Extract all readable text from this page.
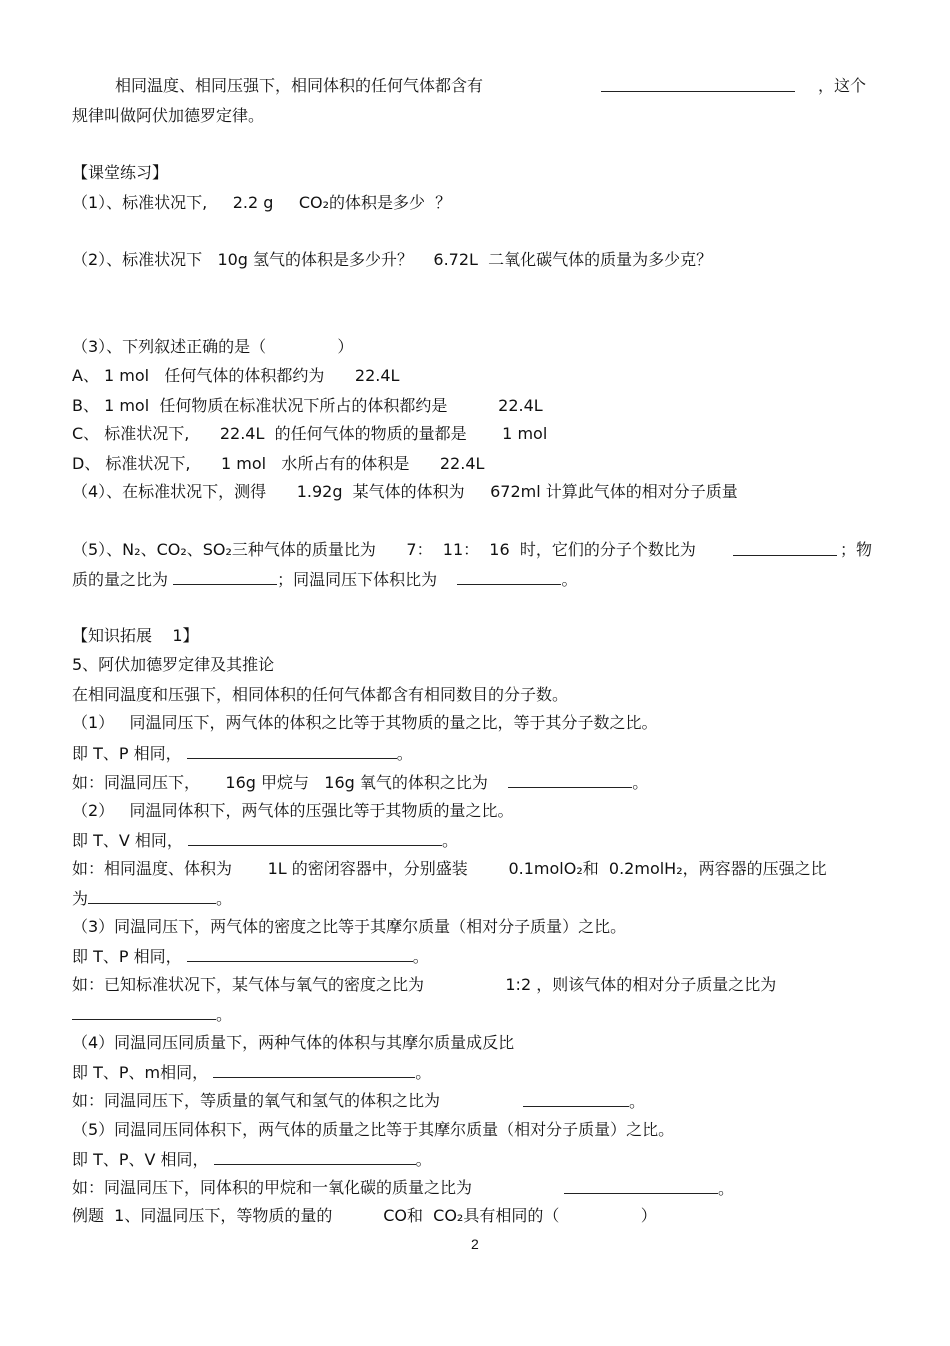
相同温度、相同压强下，相同体积的任何气体都含有	，这个
规律叫做阿伏加德罗定律。
【课堂练习】
（1）、标准状况下,     2.2 g     CO₂的体积是多少  ？
（2）、标准状况下   10g 氢气的体积是多少升？    6.72L  二氧化碳气体的质量为多少克？
（3）、下列叙述正确的是（              ）
A、 1 mol   任何气体的体积都约为      22.4L
B、 1 mol  任何物质在标准状况下所占的体积都约是          22.4L
C、 标准状况下,      22.4L  的任何气体的物质的量都是       1 mol
D、 标准状况下,      1 mol   水所占有的体积是      22.4L
（4）、在标准状况下，测得      1.92g  某气体的体积为     672ml 计算此气体的相对分子质量
（5）、N₂、CO₂、SO₂三种气体的质量比为      7：  11：  16  时，它们的分子个数比为	；物
质的量之比为	；同温同压下体积比为	。
【知识拓展    1】
5、阿伏加德罗定律及其推论
在相同温度和压强下，相同体积的任何气体都含有相同数目的分子数。
（1）   同温同压下，两气体的体积之比等于其物质的量之比，等于其分子数之比。
即 T、P 相同，	。
如：同温同压下，     16g 甲烷与   16g 氧气的体积之比为	。
（2）   同温同体积下，两气体的压强比等于其物质的量之比。
即 T、V 相同，	。
如：相同温度、体积为       1L 的密闭容器中，分别盛装        0.1molO₂和  0.2molH₂，两容器的压强之比
为	。
（3）同温同压下，两气体的密度之比等于其摩尔质量（相对分子质量）之比。
即 T、P 相同，	。
如：已知标准状况下，某气体与氧气的密度之比为                1:2 ，则该气体的相对分子质量之比为
。
（4）同温同压同质量下，两种气体的体积与其摩尔质量成反比
即 T、P、m相同，	。
如：同温同压下，等质量的氧气和氢气的体积之比为	。
（5）同温同压同体积下，两气体的质量之比等于其摩尔质量（相对分子质量）之比。
即 T、P、V 相同，	。
如：同温同压下，同体积的甲烷和一氧化碳的质量之比为	。
例题  1、同温同压下，等物质的量的          CO和  CO₂具有相同的（                ）
2
